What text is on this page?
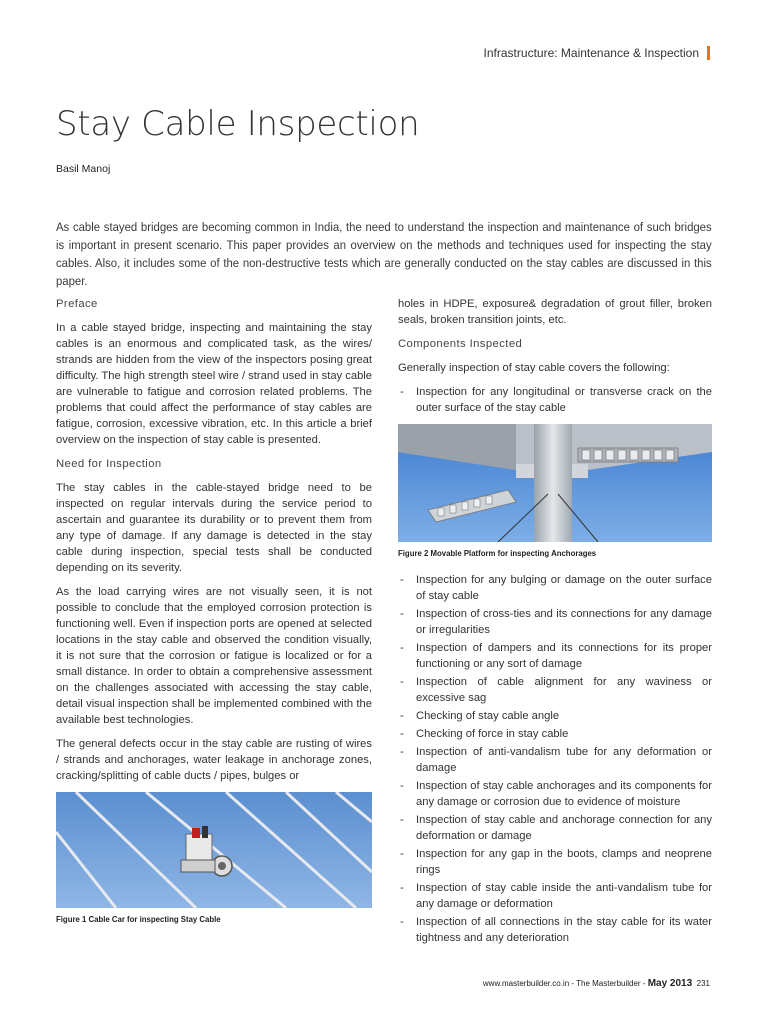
Infrastructure: Maintenance & Inspection
Stay Cable Inspection
Basil Manoj
As cable stayed bridges are becoming common in India, the need to understand the inspection and maintenance of such bridges is important in present scenario. This paper provides an overview on the methods and techniques used for inspecting the stay cables. Also, it includes some of the non-destructive tests which are generally conducted on the stay cables are discussed in this paper.
Preface

In a cable stayed bridge, inspecting and maintaining the stay cables is an enormous and complicated task, as the wires/ strands are hidden from the view of the inspectors posing great difficulty. The high strength steel wire / strand used in stay cable are vulnerable to fatigue and corrosion related problems. The problems that could affect the performance of stay cables are fatigue, corrosion, excessive vibration, etc. In this article a brief overview on the inspection of stay cable is presented.

Need for Inspection

The stay cables in the cable-stayed bridge need to be inspected on regular intervals during the service period to ascertain and guarantee its durability or to prevent them from any type of damage. If any damage is detected in the stay cable during inspection, special tests shall be conducted depending on its severity.

As the load carrying wires are not visually seen, it is not possible to conclude that the employed corrosion protection is functioning well. Even if inspection ports are opened at selected locations in the stay cable and observed the condition visually, it is not sure that the corrosion or fatigue is localized or for a small distance. In order to obtain a comprehensive assessment on the challenges associated with accessing the stay cable, detail visual inspection shall be implemented combined with the available best technologies.

The general defects occur in the stay cable are rusting of wires / strands and anchorages, water leakage in anchorage zones, cracking/splitting of cable ducts / pipes, bulges or

Figure 1 Cable Car for inspecting Stay Cable

holes in HDPE, exposure& degradation of grout filler, broken seals, broken transition joints, etc.

Components Inspected

Generally inspection of stay cable covers the following:

- Inspection for any longitudinal or transverse crack on the outer surface of the stay cable
Figure 2 Movable Platform for inspecting Anchorages
- Inspection for any bulging or damage on the outer surface of stay cable
- Inspection of cross-ties and its connections for any damage or irregularities
- Inspection of dampers and its connections for its proper functioning or any sort of damage
- Inspection of cable alignment for any waviness or excessive sag
- Checking of stay cable angle
- Checking of force in stay cable
- Inspection of anti-vandalism tube for any deformation or damage
- Inspection of stay cable anchorages and its components for any damage or corrosion due to evidence of moisture
- Inspection of stay cable and anchorage connection for any deformation or damage
- Inspection for any gap in the boots, clamps and neoprene rings
- Inspection of stay cable inside the anti-vandalism tube for any damage or deformation
- Inspection of all connections in the stay cable for its water tightness and any deterioration
www.masterbuilder.co.in - The Masterbuilder - May 2013 231
